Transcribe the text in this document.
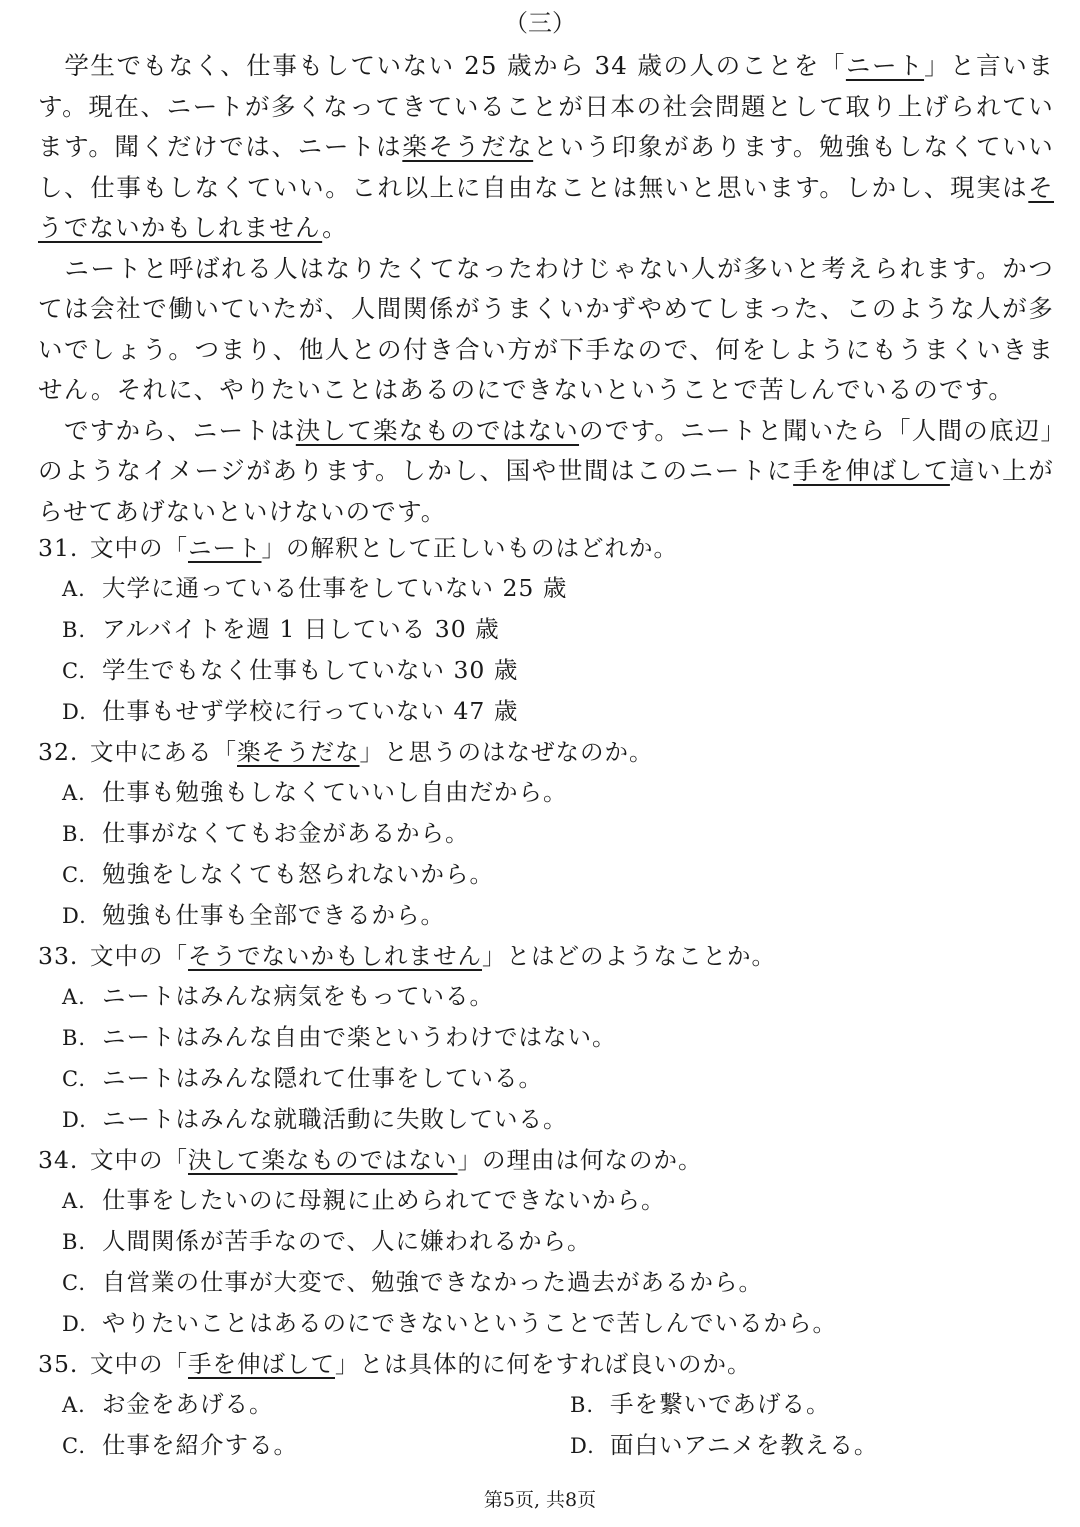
（三）

学生でもなく、仕事もしていない 25 歳から 34 歳の人のことを「ニート」と言います。現在、ニートが多くなってきていることが日本の社会問題として取り上げられています。聞くだけでは、ニートは楽そうだなという印象があります。勉強もしなくていいし、仕事もしなくていい。これ以上に自由なことは無いと思います。しかし、現実はそうでないかもしれません。

ニートと呼ばれる人はなりたくてなったわけじゃない人が多いと考えられます。かつては会社で働いていたが、人間関係がうまくいかずやめてしまった、このような人が多いでしょう。つまり、他人との付き合い方が下手なので、何をしようにもうまくいきません。それに、やりたいことはあるのにできないということで苦しんでいるのです。

ですから、ニートは決して楽なものではないのです。ニートと聞いたら「人間の底辺」のようなイメージがあります。しかし、国や世間はこのニートに手を伸ばして這い上がらせてあげないといけないのです。

31. 文中の「ニート」の解釈として正しいものはどれか。
A. 大学に通っている仕事をしていない 25 歳
B. アルバイトを週 1 日している 30 歳
C. 学生でもなく仕事もしていない 30 歳
D. 仕事もせず学校に行っていない 47 歳
32. 文中にある「楽そうだな」と思うのはなぜなのか。
A. 仕事も勉強もしなくていいし自由だから。
B. 仕事がなくてもお金があるから。
C. 勉強をしなくても怒られないから。
D. 勉強も仕事も全部できるから。
33. 文中の「そうでないかもしれません」とはどのようなことか。
A. ニートはみんな病気をもっている。
B. ニートはみんな自由で楽というわけではない。
C. ニートはみんな隠れて仕事をしている。
D. ニートはみんな就職活動に失敗している。
34. 文中の「決して楽なものではない」の理由は何なのか。
A. 仕事をしたいのに母親に止められてできないから。
B. 人間関係が苦手なので、人に嫌われるから。
C. 自営業の仕事が大変で、勉強できなかった過去があるから。
D. やりたいことはあるのにできないということで苦しんでいるから。
35. 文中の「手を伸ばして」とは具体的に何をすれば良いのか。
A. お金をあげる。	B. 手を繋いであげる。
C. 仕事を紹介する。	D. 面白いアニメを教える。
第5页, 共8页
